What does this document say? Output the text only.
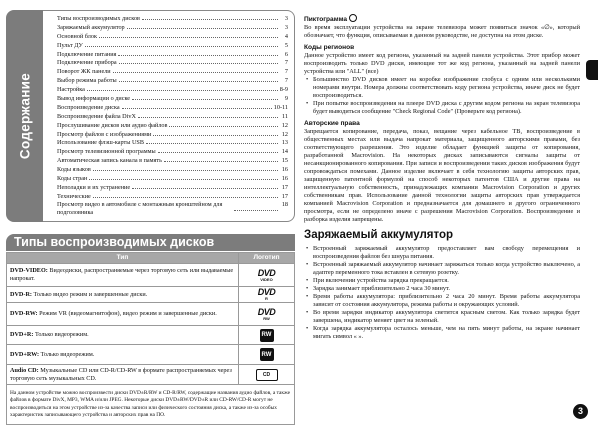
Содержание
Типы воспроизводимых дисков	3
Заряжаемый аккумулятор	3
Основной блок	4
Пульт ДУ	5
Подключение питания	6
Подключение прибора	7
Поворот ЖК панели	7
Выбор режима работы	7
Настройка	8-9
Вывод информации о диске	9
Воспроизведение диска	10-11
Воспроизведение файла DivX	11
Прослушивание дисков или аудио файлов	12
Просмотр файлов с изображениями	12
Использование флэш-карты USB	13
Просмотр телевизионной программы	14
Автоматическая запись канала в память	15
Коды языков	16
Коды стран	16
Неполадки и их устранение	17
Технические	17
Просмотр видео в автомобиле с монтажным кронштейном для подголовника
18
Типы воспроизводимых дисков
Тип	Логотип
DVD-VIDEO: Видеодиски, распространяемые через торговую сеть или выдаваемые напрокат.	DVD
VIDEO

DVD-R: Только видео режим и завершенные диски.	DVD
R

DVD-RW: Режим VR (видеомагнитофон), видео режим и завершенные диски.	DVD
RW

DVD+R: Только видеорежим.	RW
DVD+RW: Только видеорежим.	RW
Audio CD: Музыкальные CD или CD-R/CD-RW в формате распространяемых через торговую сеть музыкальных CD.	CD
На данном устройстве можно воспроизвести диски DVD±R/RW и CD-R/RW, содержащие названия аудио файлов, а также файлов в формате DivX, MP3, WMA и/или JPEG. Некоторые диски DVD±RW/DVD±R или CD-RW/CD-R могут не воспроизводиться на этом устройстве из-за качества записи или физического состояния диска, а также из-за особых характеристик записывающего устройства и авторских прав на ПО.	
Пиктограмма

Во время эксплуатации устройства на экране телевизора может появиться значок «∅», который обозначает, что функция, описываемая в данном руководстве, не доступна на этом диске.

Коды регионов

Данное устройство имеет код региона, указанный на задней панели устройства. Этот прибор может воспроизводить только DVD диски, имеющие тот же код региона, указанный на задней панели устройства или "ALL" (все)

• Большинство DVD дисков имеет на коробке изображение глобуса с одним или несколькими номерами внутри. Номера должны соответствовать коду региона устройства, иначе диск не будет воспроизводиться.
• При попытке воспроизведения на плеере DVD диска с другим кодом региона на экран телевизора будет выводиться сообщение "Check Regional Code" (Проверьте код региона).
Авторские права

Запрещается копирование, передача, показ, вещание через кабельное ТВ, воспроизведение в общественных местах или выдача напрокат материала, защищенного авторскими правами, без соответствующего разрешения. Это изделие обладает функцией защиты от копирования, разработанной Macrovision. На некоторых дисках записываются сигналы защиты от несанкционированного копирования. При записи и воспроизведении таких дисков изображения будут сопровождаться помехами. Данное изделие включает в себя технологию защиты авторских прав, защищенную патентной формулой на способ некоторых патентов США и другие права на интеллектуальную собственность, принадлежащих компании Macrovision Corporation и других собственникам прав. Использование данной технологии защиты авторских прав утверждается компанией Macrovision Corporation и предназначается для домашнего и другого ограниченного просмотра, если не определено иначе с разрешения Macrovision Corporation. Воспроизведение и разборка изделия запрещены.

Заряжаемый аккумулятор
• Встроенный заряжаемый аккумулятор предоставляет вам свободу перемещения и воспроизведения файлов без шнура питания.
• Встроенный заряжаемый аккумулятор начинает заряжаться только когда устройство выключено, а адаптер переменного тока вставлен в сетевую розетку.
• При включении устройства зарядка прекращается.
• Зарядка занимает приблизительно 2 часа 30 минут.
• Время работы аккумулятора: приблизительно 2 часа 20 минут. Время работы аккумулятора зависит от состояния аккумулятора, режима работы и окружающих условий.
• Во время зарядки индикатор аккумулятора светится красным светом. Как только зарядка будет завершена, индикатор меняет цвет на зеленый.
• Когда зарядка аккумулятора осталось меньше, чем на пять минут работы, на экране начинает мигать символ « ».
3
